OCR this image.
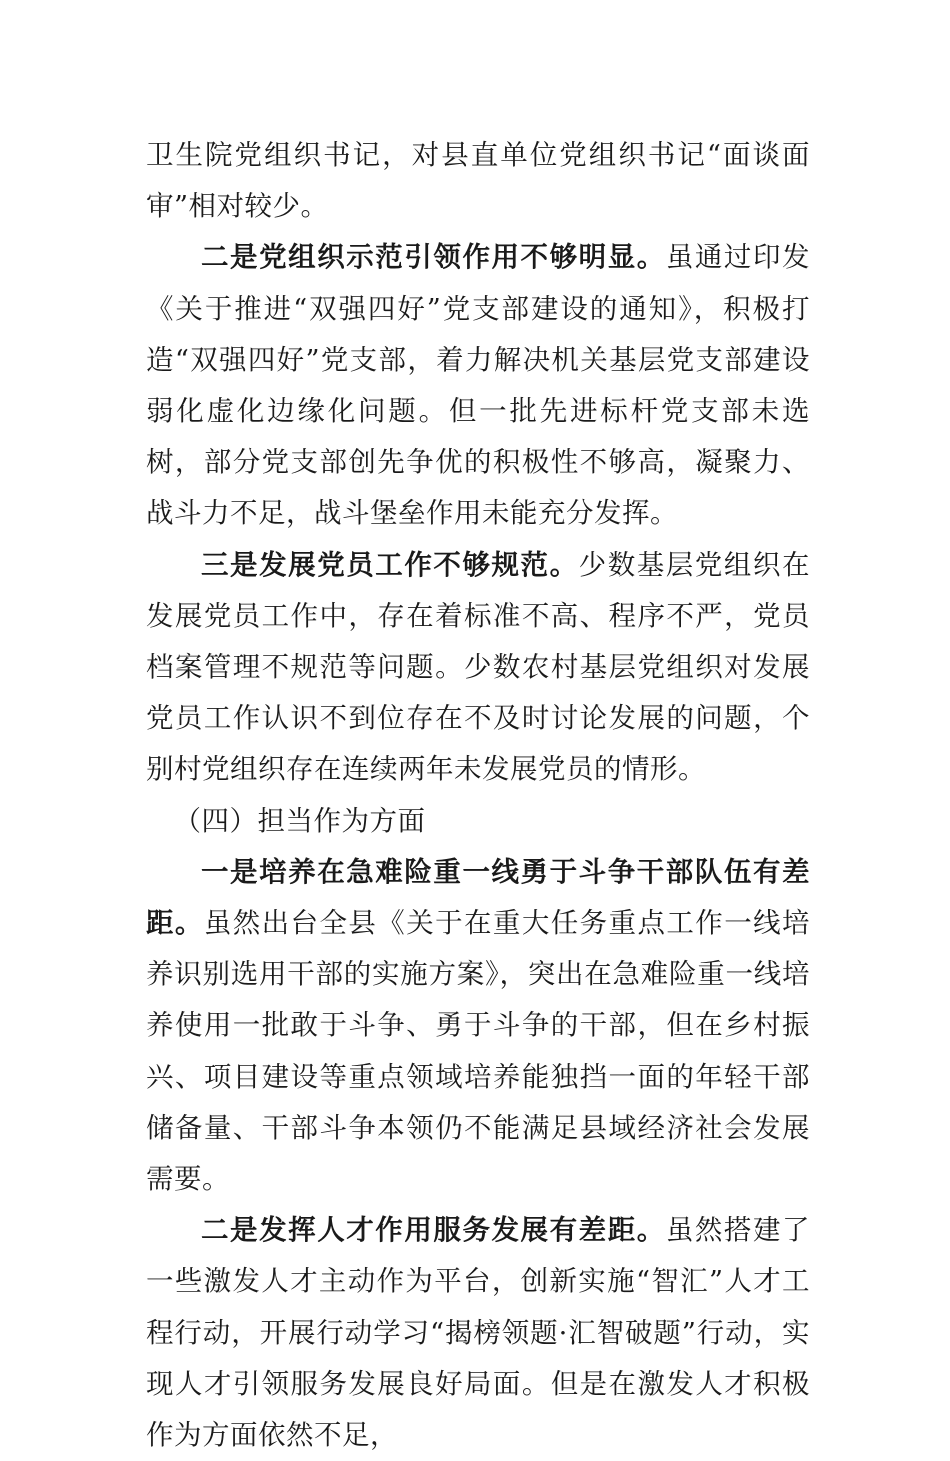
卫生院党组织书记，对县直单位党组织书记“面谈面审”相对较少。

二是党组织示范引领作用不够明显。虽通过印发《关于推进“双强四好”党支部建设的通知》，积极打造“双强四好”党支部，着力解决机关基层党支部建设弱化虚化边缘化问题。但一批先进标杆党支部未选树，部分党支部创先争优的积极性不够高，凝聚力、战斗力不足，战斗堡垒作用未能充分发挥。

三是发展党员工作不够规范。少数基层党组织在发展党员工作中，存在着标准不高、程序不严，党员档案管理不规范等问题。少数农村基层党组织对发展党员工作认识不到位存在不及时讨论发展的问题，个别村党组织存在连续两年未发展党员的情形。

（四）担当作为方面

一是培养在急难险重一线勇于斗争干部队伍有差距。虽然出台全县《关于在重大任务重点工作一线培养识别选用干部的实施方案》，突出在急难险重一线培养使用一批敢于斗争、勇于斗争的干部，但在乡村振兴、项目建设等重点领域培养能独挡一面的年轻干部储备量、干部斗争本领仍不能满足县域经济社会发展需要。

二是发挥人才作用服务发展有差距。虽然搭建了一些激发人才主动作为平台，创新实施“智汇”人才工程行动，开展行动学习“揭榜领题·汇智破题”行动，实现人才引领服务发展良好局面。但是在激发人才积极作为方面依然不足，
